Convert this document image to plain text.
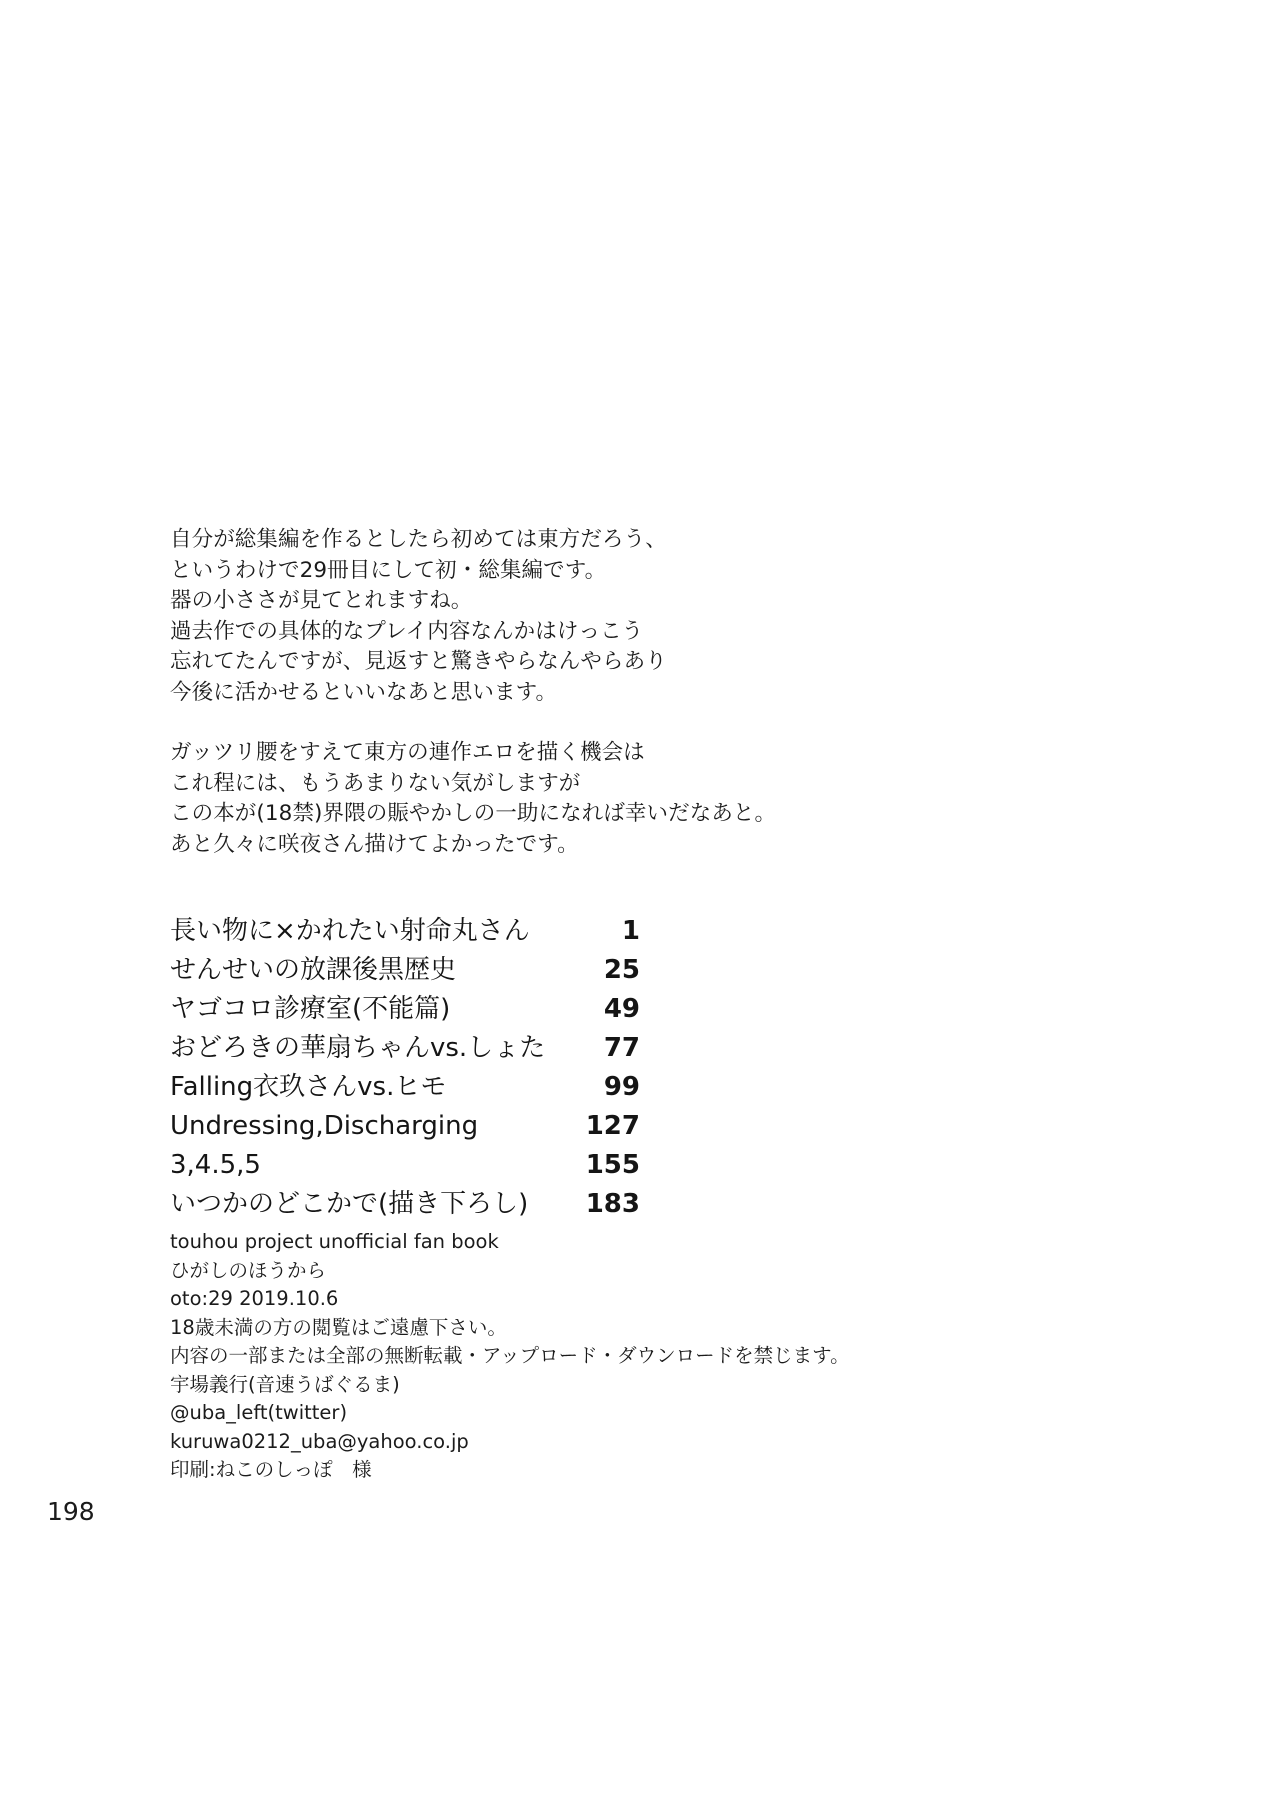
自分が総集編を作るとしたら初めては東方だろう、

というわけで29冊目にして初・総集編です。

器の小ささが見てとれますね。

過去作での具体的なプレイ内容なんかはけっこう

忘れてたんですが、見返すと驚きやらなんやらあり

今後に活かせるといいなあと思います。

ガッツリ腰をすえて東方の連作エロを描く機会は

これ程には、もうあまりない気がしますが

この本が(18禁)界隈の賑やかしの一助になれば幸いだなあと。

あと久々に咲夜さん描けてよかったです。

長い物に×かれたい射命丸さん	1
せんせいの放課後黒歴史	25
ヤゴコロ診療室(不能篇)	49
おどろきの華扇ちゃんvs.しょた 77
Falling衣玖さんvs.ヒモ	99
Undressing,Discharging	127
3,4.5,5	155
いつかのどこかで(描き下ろし) 183

touhou project unofficial fan book

ひがしのほうから

oto:29 2019.10.6

18歳未満の方の閲覧はご遠慮下さい。

内容の一部または全部の無断転載・アップロード・ダウンロードを禁じます。

宇場義行(音速うばぐるま)

@uba_left(twitter)

kuruwa0212_uba@yahoo.co.jp

印刷:ねこのしっぽ　様

198
